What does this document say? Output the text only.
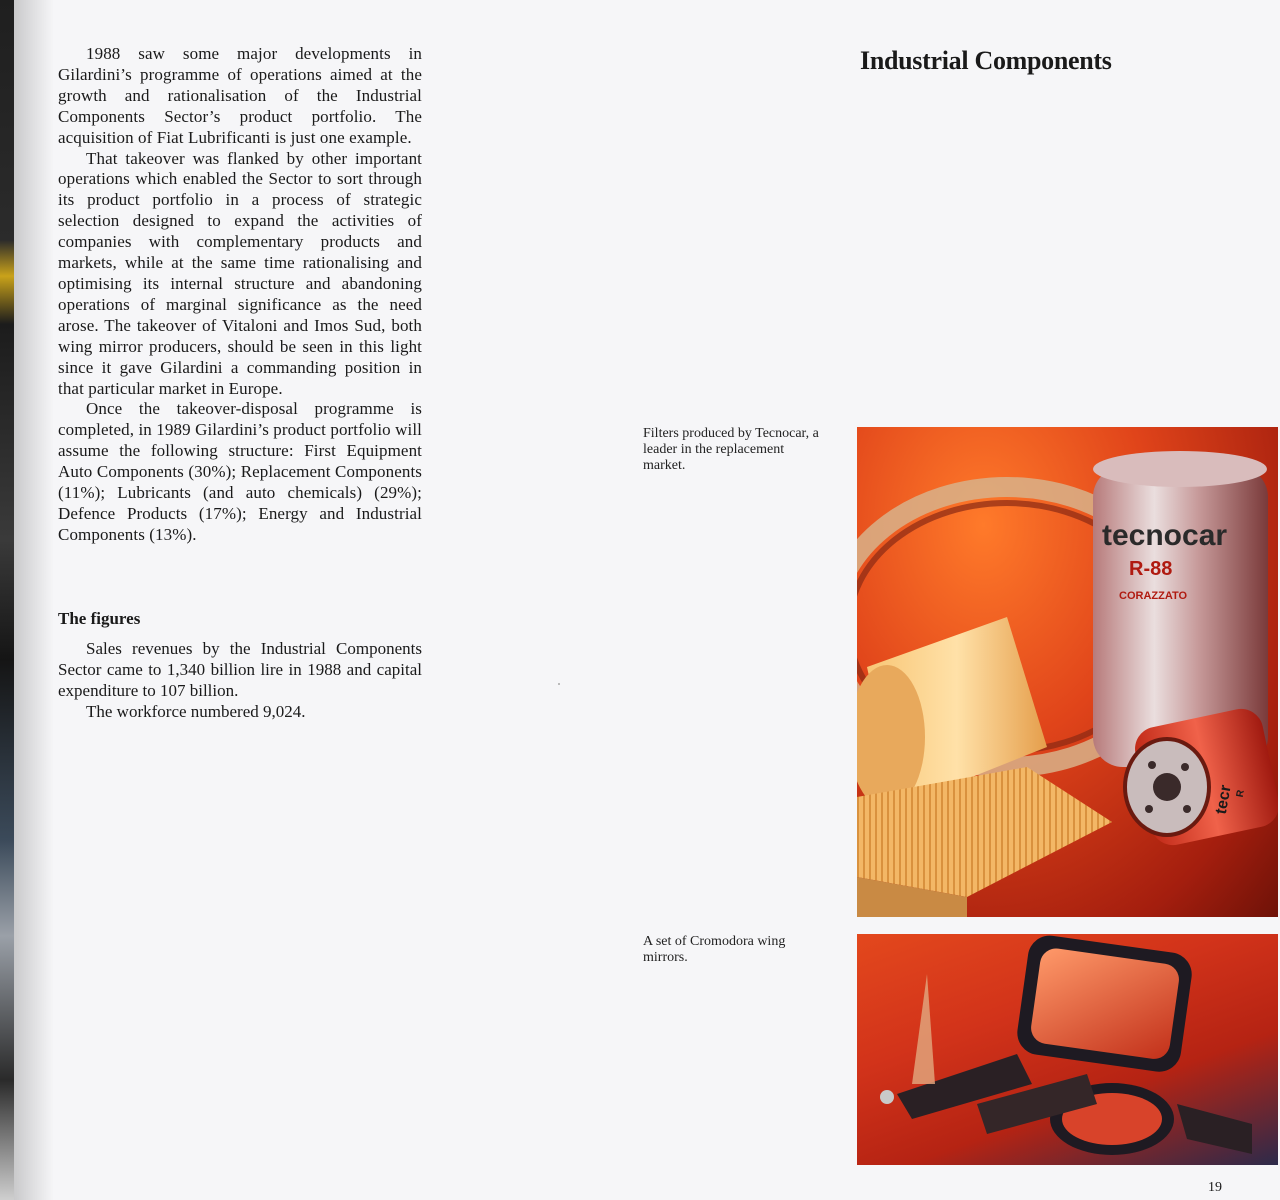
1988 saw some major developments in Gilardini’s programme of operations aimed at the growth and rationalisation of the Industrial Components Sector’s product portfolio. The acquisition of Fiat Lubrificanti is just one example.

That takeover was flanked by other important operations which enabled the Sector to sort through its product portfolio in a process of strategic selection designed to expand the activities of companies with complementary products and markets, while at the same time rationalising and optimising its internal structure and abandoning operations of marginal significance as the need arose. The takeover of Vitaloni and Imos Sud, both wing mirror producers, should be seen in this light since it gave Gilardini a commanding position in that particular market in Europe.

Once the takeover-disposal programme is completed, in 1989 Gilardini’s product portfolio will assume the following structure: First Equipment Auto Components (30%); Replacement Components (11%); Lubricants (and auto chemicals) (29%); Defence Products (17%); Energy and Industrial Components (13%).

The figures

Sales revenues by the Industrial Components Sector came to 1,340 billion lire in 1988 and capital expenditure to 107 billion.

The workforce numbered 9,024.

Industrial Components

Filters produced by Tecnocar, a leader in the replacement market.

tecnocar
R-88
CORAZZATO
tecr R

A set of Cromodora wing mirrors.

19
